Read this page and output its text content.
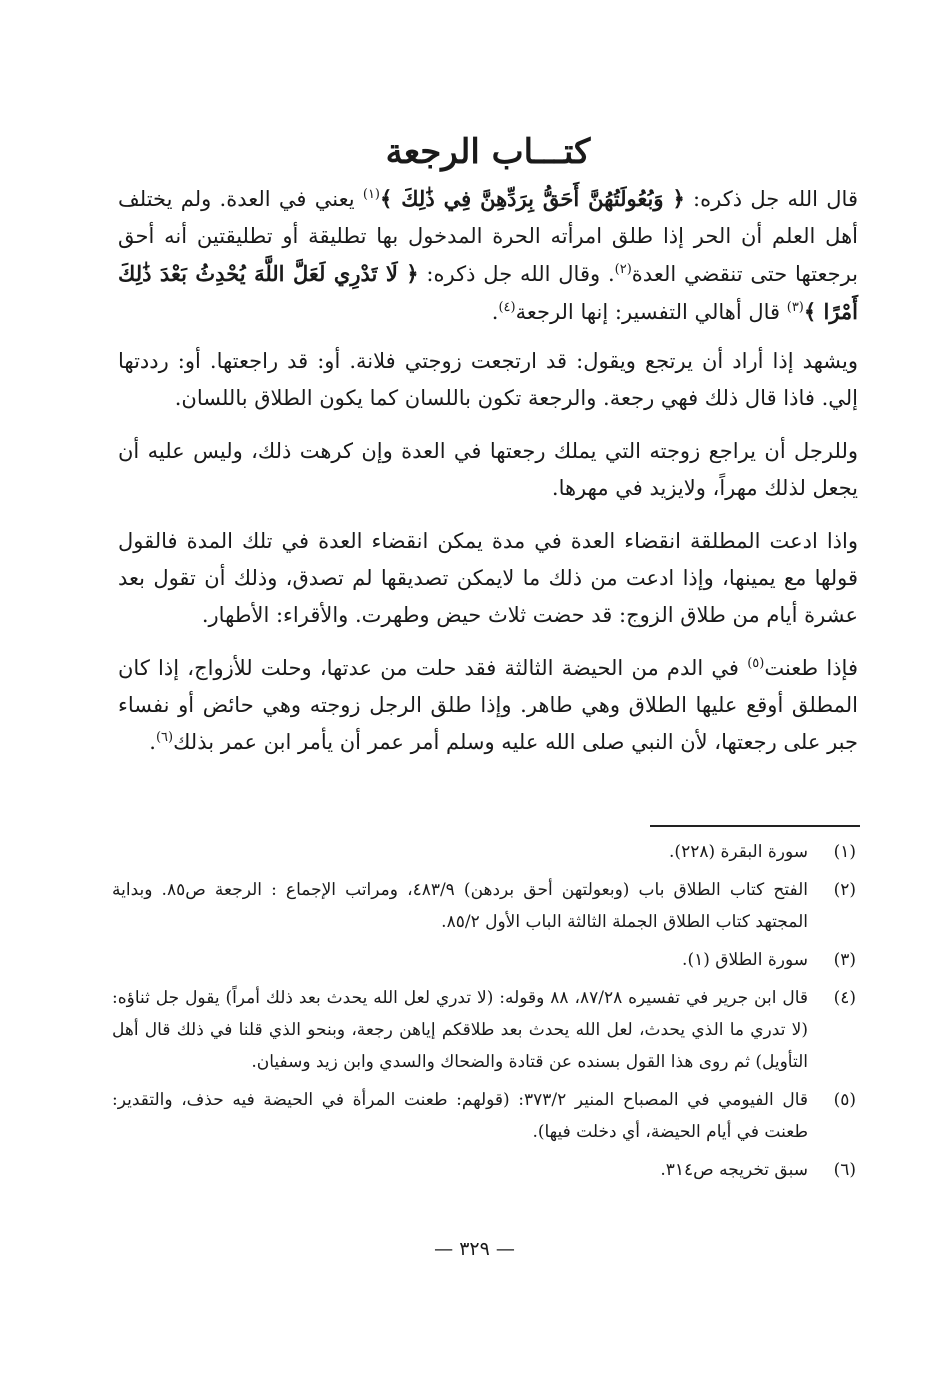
كتـــاب الرجعة

قال الله جل ذكره: ﴿ وَبُعُولَتُهُنَّ أَحَقُّ بِرَدِّهِنَّ فِي ذَٰلِكَ ﴾$^{(١)}$ يعني في العدة. ولم يختلف أهل العلم أن الحر إذا طلق امرأته الحرة المدخول بها تطليقة أو تطليقتين أنه أحق برجعتها حتى تنقضي العدة$^{(٢)}$. وقال الله جل ذكره: ﴿ لَا تَدْرِي لَعَلَّ اللَّهَ يُحْدِثُ بَعْدَ ذَٰلِكَ أَمْرًا ﴾$^{(٣)}$ قال أهالي التفسير: إنها الرجعة$^{(٤)}$.

ويشهد إذا أراد أن يرتجع ويقول: قد ارتجعت زوجتي فلانة. أو: قد راجعتها. أو: رددتها إلي. فاذا قال ذلك فهي رجعة. والرجعة تكون باللسان كما يكون الطلاق باللسان.

وللرجل أن يراجع زوجته التي يملك رجعتها في العدة وإن كرهت ذلك، وليس عليه أن يجعل لذلك مهراً، ولايزيد في مهرها.

واذا ادعت المطلقة انقضاء العدة في مدة يمكن انقضاء العدة في تلك المدة فالقول قولها مع يمينها، وإذا ادعت من ذلك ما لايمكن تصديقها لم تصدق، وذلك أن تقول بعد عشرة أيام من طلاق الزوج: قد حضت ثلاث حيض وطهرت. والأقراء: الأطهار.

فإذا طعنت$^{(٥)}$ في الدم من الحيضة الثالثة فقد حلت من عدتها، وحلت للأزواج، إذا كان المطلق أوقع عليها الطلاق وهي طاهر. وإذا طلق الرجل زوجته وهي حائض أو نفساء جبر على رجعتها، لأن النبي صلى الله عليه وسلم أمر عمر أن يأمر ابن عمر بذلك$^{(٦)}$.

(١)
سورة البقرة (٢٢٨).
(٢)
الفتح كتاب الطلاق باب (وبعولتهن أحق بردهن) ٤٨٣/٩، ومراتب الإجماع : الرجعة ص٨٥. وبداية المجتهد كتاب الطلاق الجملة الثالثة الباب الأول ٨٥/٢.
(٣)
سورة الطلاق (١).
(٤)
قال ابن جرير في تفسيره ٨٧/٢٨، ٨٨ وقوله: (لا تدري لعل الله يحدث بعد ذلك أمراً) يقول جل ثناؤه: (لا تدري ما الذي يحدث، لعل الله يحدث بعد طلاقكم إياهن رجعة، وبنحو الذي قلنا في ذلك قال أهل التأويل) ثم روى هذا القول بسنده عن قتادة والضحاك والسدي وابن زيد وسفيان.
(٥)
قال الفيومي في المصباح المنير ٣٧٣/٢: (قولهم: طعنت المرأة في الحيضة فيه حذف، والتقدير: طعنت في أيام الحيضة، أي دخلت فيها).
(٦)
سبق تخريجه ص٣١٤.
— ٣٢٩ —
